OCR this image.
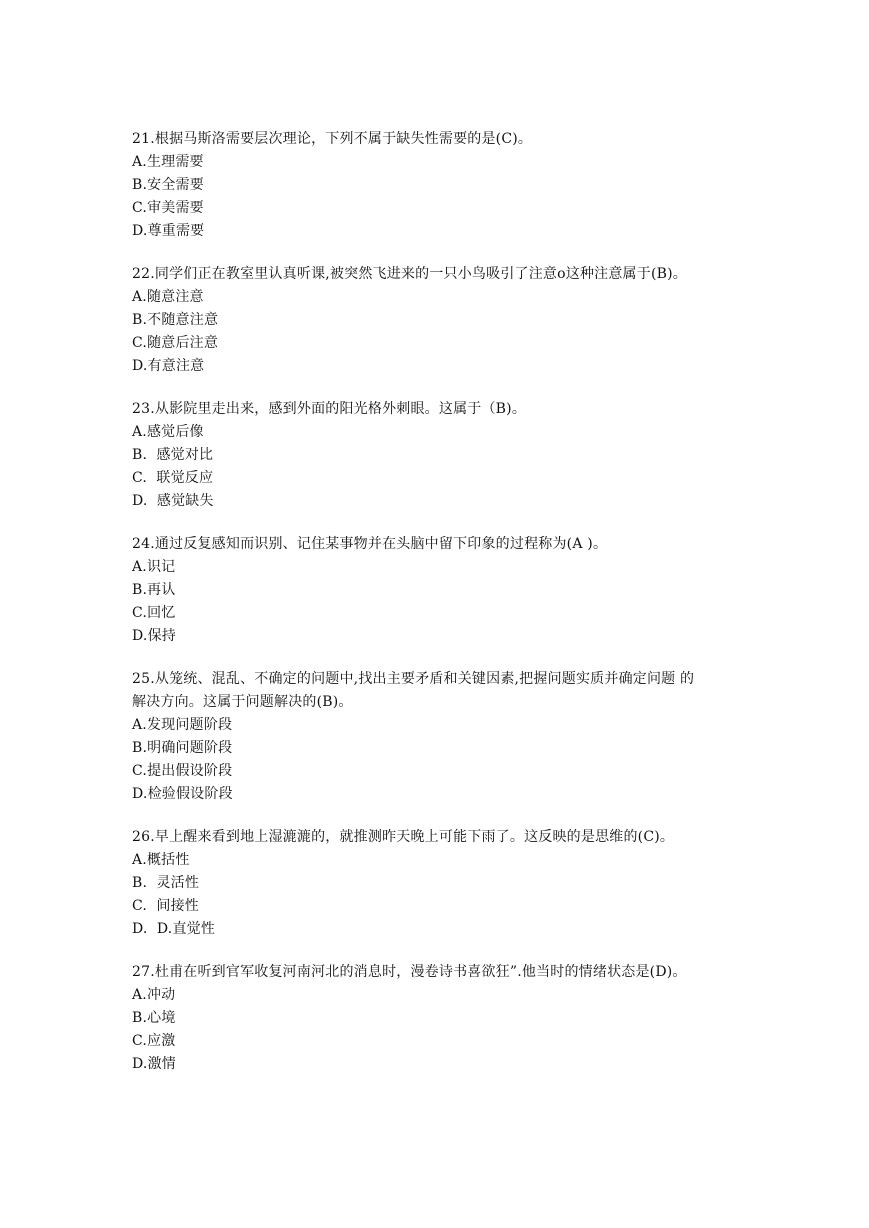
21.根据马斯洛需要层次理论，下列不属于缺失性需要的是(C)。
A.生理需要
B.安全需要
C.审美需要
D.尊重需要
22.同学们正在教室里认真听课,被突然飞进来的一只小鸟吸引了注意o这种注意属于(B)。
A.随意注意
B.不随意注意
C.随意后注意
D.有意注意
23.从影院里走出来，感到外面的阳光格外刺眼。这属于（B)。
A.感觉后像
B.  感觉对比
C.  联觉反应
D.  感觉缺失
24.通过反复感知而识别、记住某事物并在头脑中留下印象的过程称为(A )。
A.识记
B.再认
C.回忆
D.保持
25.从笼统、混乱、不确定的问题中,找出主要矛盾和关键因素,把握问题实质并确定问题 的
解决方向。这属于问题解决的(B)。
A.发现问题阶段
B.明确问题阶段
C.提出假设阶段
D.检验假设阶段
26.早上醒来看到地上湿漉漉的，就推测昨天晚上可能下雨了。这反映的是思维的(C)。
A.概括性
B.  灵活性
C.  间接性
D.  D.直觉性
27.杜甫在听到官军收复河南河北的消息时，漫卷诗书喜欲狂”.他当时的情绪状态是(D)。
A.冲动
B.心境
C.应激
D.激情
